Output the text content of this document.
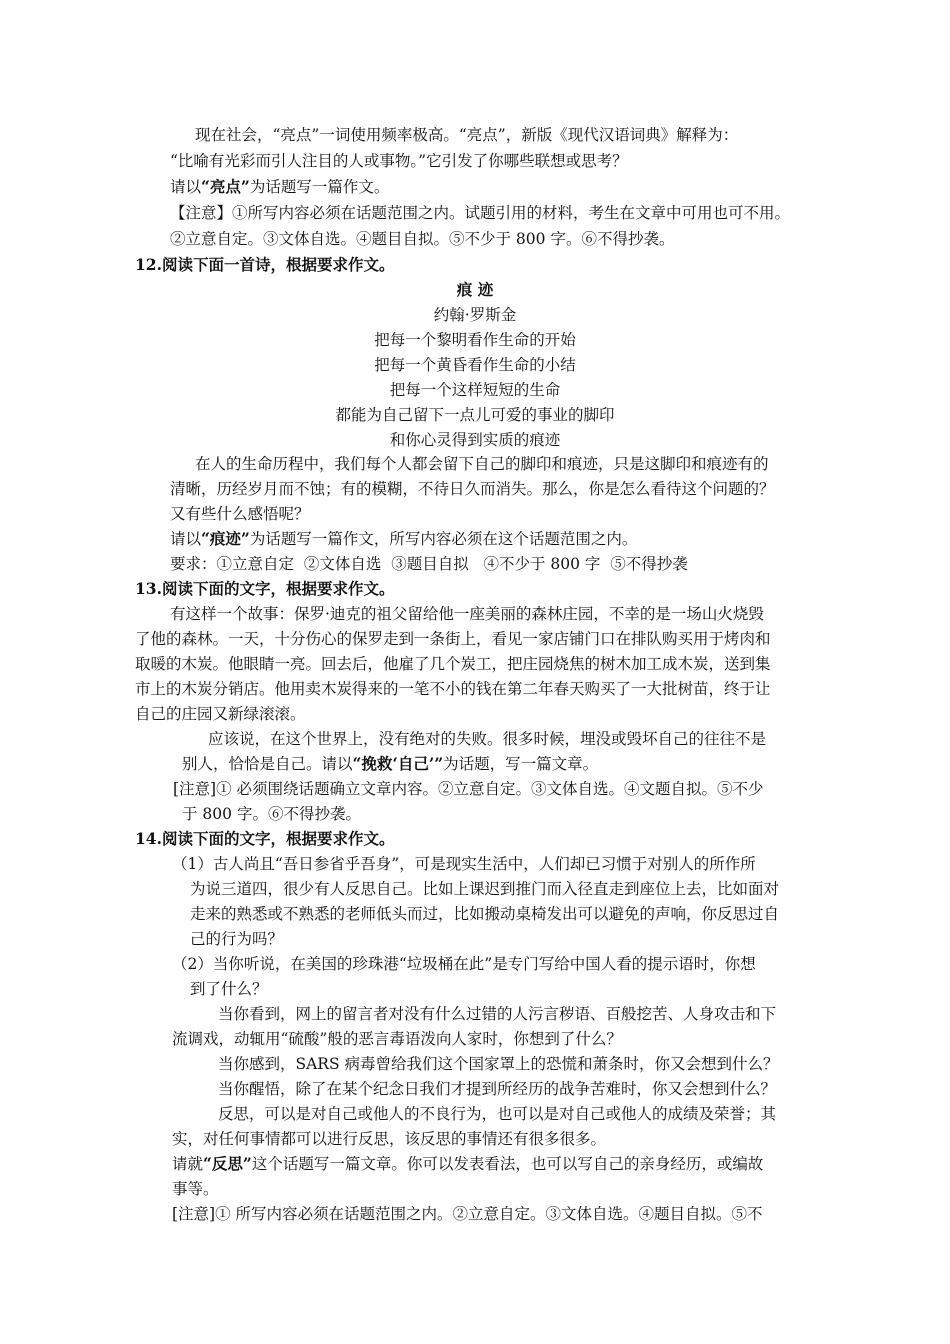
现在社会，“亮点”一词使用频率极高。“亮点”，新版《现代汉语词典》解释为：
“比喻有光彩而引人注目的人或事物。”它引发了你哪些联想或思考？
请以“亮点”为话题写一篇作文。
【注意】①所写内容必须在话题范围之内。试题引用的材料，考生在文章中可用也可不用。
②立意自定。③文体自选。④题目自拟。⑤不少于 800 字。⑥不得抄袭。
12.阅读下面一首诗，根据要求作文。
痕 迹
约翰·罗斯金
把每一个黎明看作生命的开始
把每一个黄昏看作生命的小结
把每一个这样短短的生命
都能为自己留下一点儿可爱的事业的脚印
和你心灵得到实质的痕迹
在人的生命历程中，我们每个人都会留下自己的脚印和痕迹，只是这脚印和痕迹有的
清晰，历经岁月而不蚀；有的模糊，不待日久而消失。那么，你是怎么看待这个问题的？
又有些什么感悟呢？
请以“痕迹”为话题写一篇作文，所写内容必须在这个话题范围之内。
要求：①立意自定  ②文体自选  ③题目自拟   ④不少于 800 字  ⑤不得抄袭
13.阅读下面的文字，根据要求作文。
有这样一个故事：保罗·迪克的祖父留给他一座美丽的森林庄园，不幸的是一场山火烧毁
了他的森林。一天，十分伤心的保罗走到一条街上，看见一家店铺门口在排队购买用于烤肉和
取暖的木炭。他眼睛一亮。回去后，他雇了几个炭工，把庄园烧焦的树木加工成木炭，送到集
市上的木炭分销店。他用卖木炭得来的一笔不小的钱在第二年春天购买了一大批树苗，终于让
自己的庄园又新绿滚滚。
应该说，在这个世界上，没有绝对的失败。很多时候，埋没或毁坏自己的往往不是
别人，恰恰是自己。请以“挽救‘自己’”为话题，写一篇文章。
[注意]① 必须围绕话题确立文章内容。②立意自定。③文体自选。④文题自拟。⑤不少
于 800 字。⑥不得抄袭。
14.阅读下面的文字，根据要求作文。
（1）古人尚且“吾日参省乎吾身”，可是现实生活中，人们却已习惯于对别人的所作所
为说三道四，很少有人反思自己。比如上课迟到推门而入径直走到座位上去，比如面对
走来的熟悉或不熟悉的老师低头而过，比如搬动桌椅发出可以避免的声响，你反思过自
己的行为吗？
（2）当你听说，在美国的珍珠港“垃圾桶在此”是专门写给中国人看的提示语时，你想
到了什么？
当你看到，网上的留言者对没有什么过错的人污言秽语、百般挖苦、人身攻击和下
流调戏，动辄用“硫酸”般的恶言毒语泼向人家时，你想到了什么？
当你感到，SARS 病毒曾给我们这个国家罩上的恐慌和萧条时，你又会想到什么？
当你醒悟，除了在某个纪念日我们才提到所经历的战争苦难时，你又会想到什么？
反思，可以是对自己或他人的不良行为，也可以是对自己或他人的成绩及荣誉；其
实，对任何事情都可以进行反思，该反思的事情还有很多很多。
请就“反思”这个话题写一篇文章。你可以发表看法，也可以写自己的亲身经历，或编故
事等。
[注意]① 所写内容必须在话题范围之内。②立意自定。③文体自选。④题目自拟。⑤不
